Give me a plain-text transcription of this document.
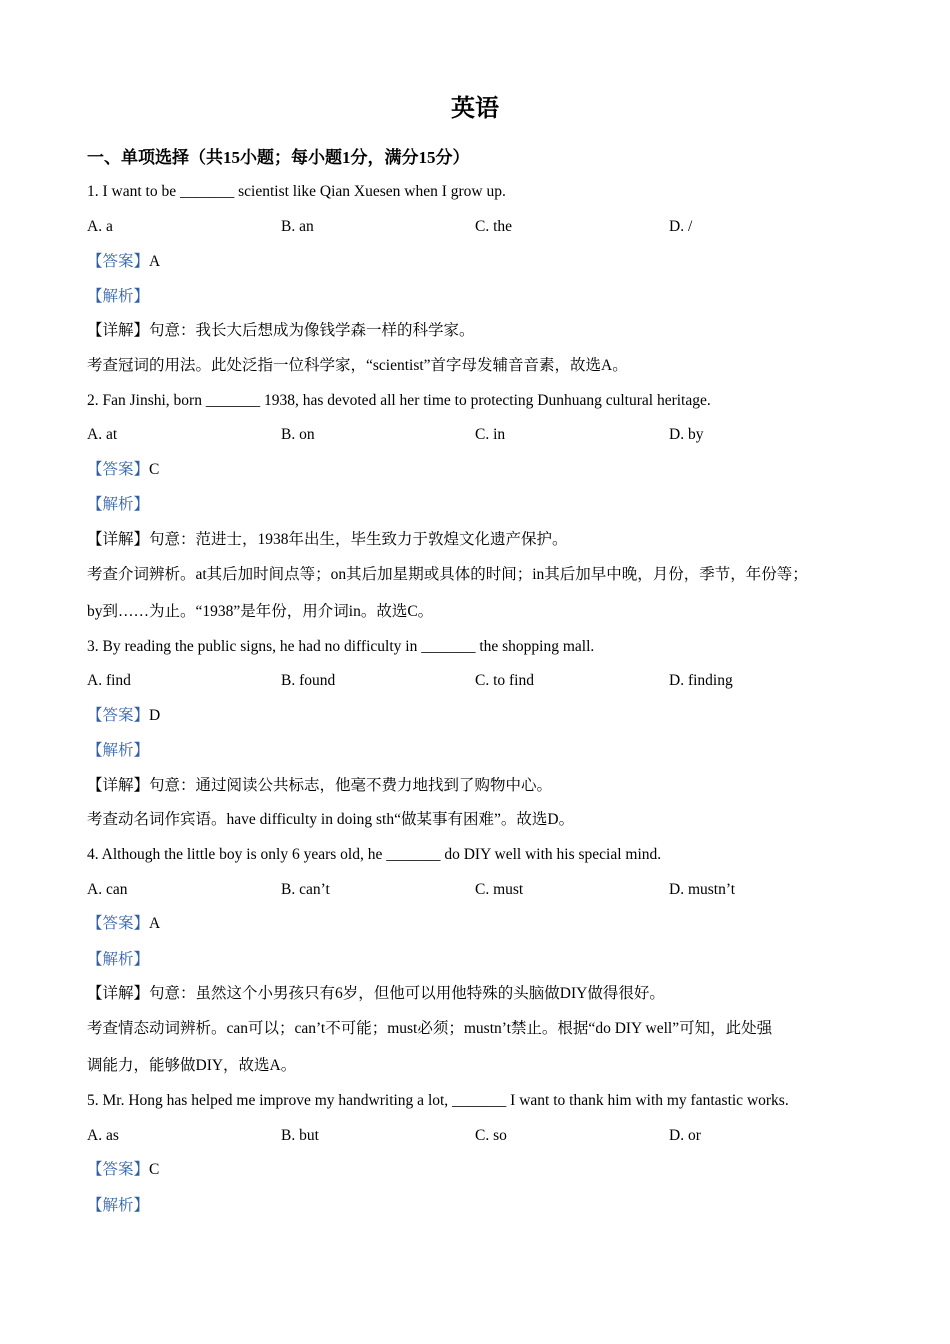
英语
一、单项选择（共15小题；每小题1分，满分15分）
1. I want to be _______ scientist like Qian Xuesen when I grow up.
A. a	B. an	C. the	D. /
【答案】A
【解析】
【详解】句意：我长大后想成为像钱学森一样的科学家。
考查冠词的用法。此处泛指一位科学家，“scientist”首字母发辅音音素，故选A。
2. Fan Jinshi, born _______ 1938, has devoted all her time to protecting Dunhuang cultural heritage.
A. at	B. on	C. in	D. by
【答案】C
【解析】
【详解】句意：范进士，1938年出生，毕生致力于敦煌文化遗产保护。
考查介词辨析。at其后加时间点等；on其后加星期或具体的时间；in其后加早中晚，月份，季节，年份等；
by到……为止。“1938”是年份，用介词in。故选C。
3. By reading the public signs, he had no difficulty in _______ the shopping mall.
A. find	B. found	C. to find	D. finding
【答案】D
【解析】
【详解】句意：通过阅读公共标志，他毫不费力地找到了购物中心。
考查动名词作宾语。have difficulty in doing sth“做某事有困难”。故选D。
4. Although the little boy is only 6 years old, he _______ do DIY well with his special mind.
A. can	B. can’t	C. must	D. mustn’t
【答案】A
【解析】
【详解】句意：虽然这个小男孩只有6岁，但他可以用他特殊的头脑做DIY做得很好。
考查情态动词辨析。can可以；can’t不可能；must必须；mustn’t禁止。根据“do DIY well”可知，此处强
调能力，能够做DIY，故选A。
5. Mr. Hong has helped me improve my handwriting a lot, _______ I want to thank him with my fantastic works.
A. as	B. but	C. so	D. or
【答案】C
【解析】
